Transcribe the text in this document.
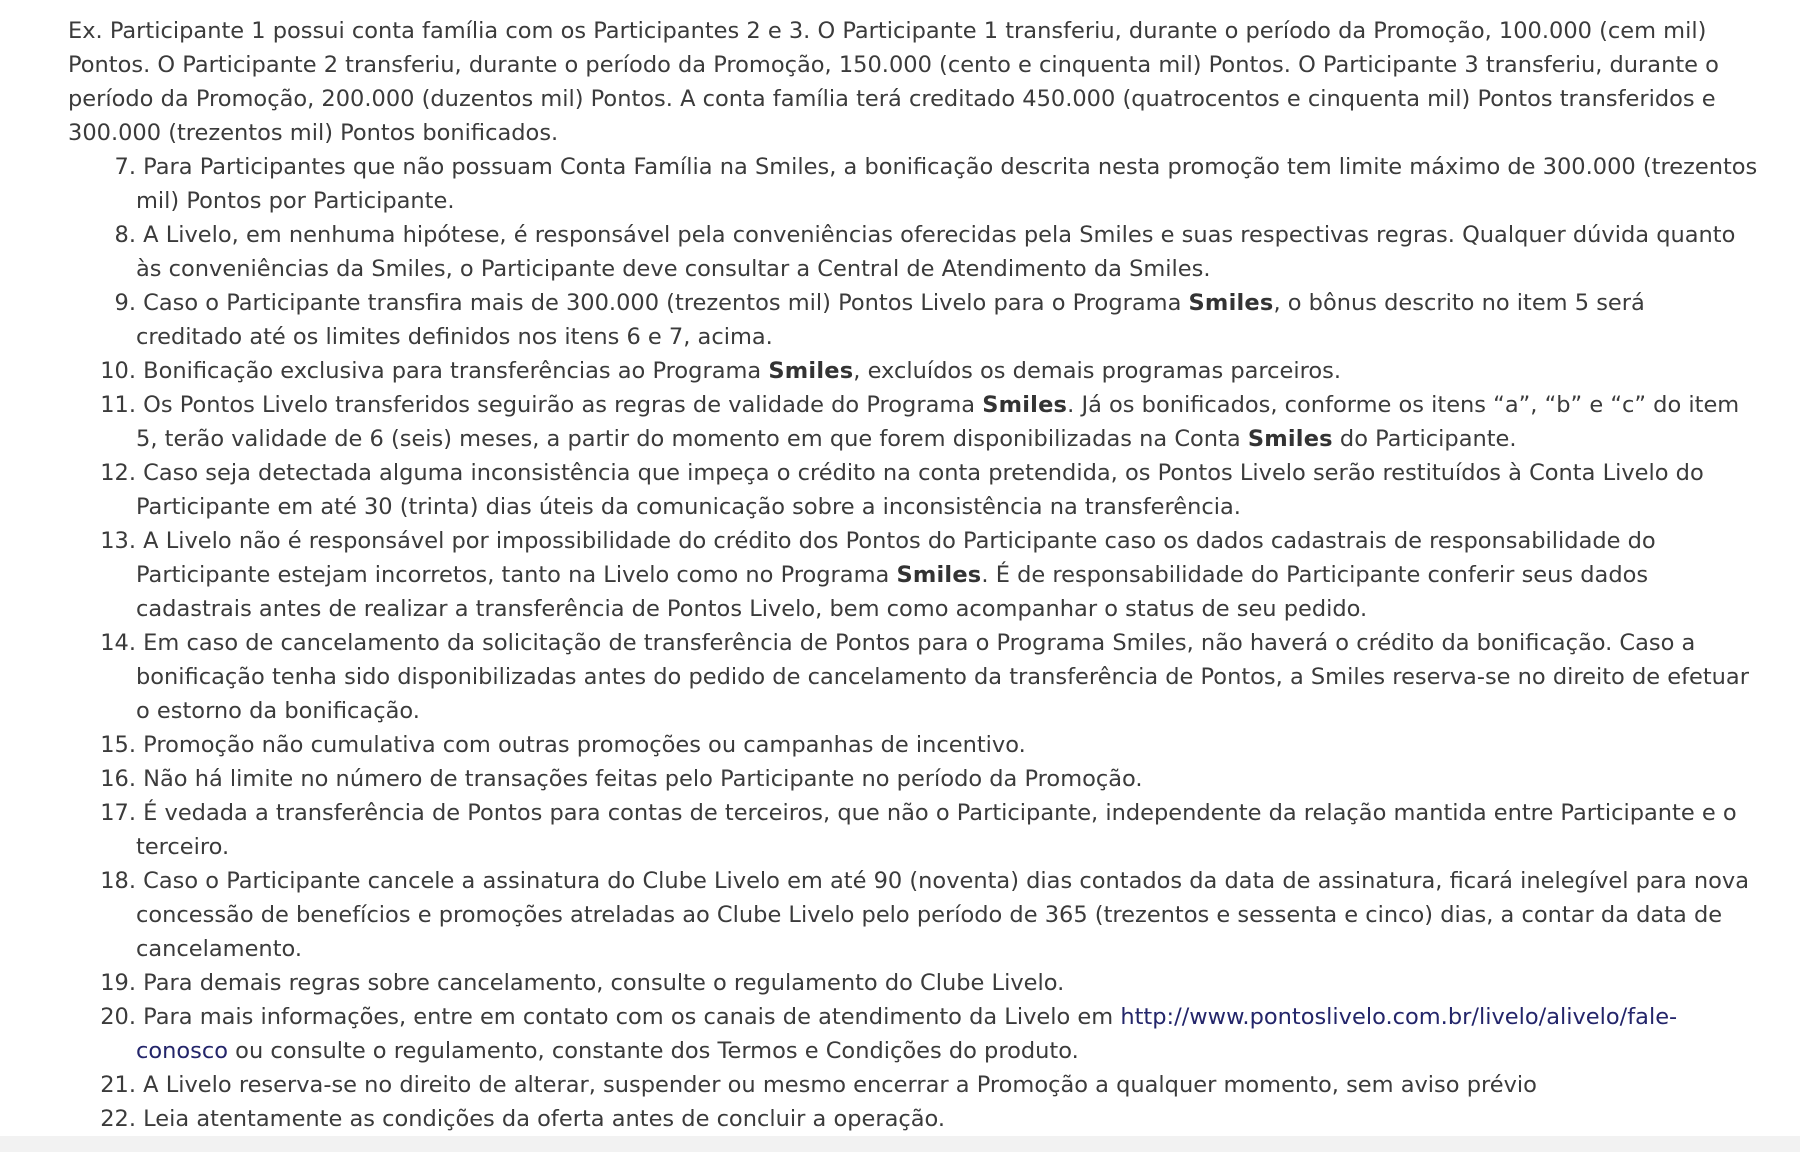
Ex. Participante 1 possui conta família com os Participantes 2 e 3. O Participante 1 transferiu, durante o período da Promoção, 100.000 (cem mil) Pontos. O Participante 2 transferiu, durante o período da Promoção, 150.000 (cento e cinquenta mil) Pontos. O Participante 3 transferiu, durante o período da Promoção, 200.000 (duzentos mil) Pontos. A conta família terá creditado 450.000 (quatrocentos e cinquenta mil) Pontos transferidos e 300.000 (trezentos mil) Pontos bonificados.

7. Para Participantes que não possuam Conta Família na Smiles, a bonificação descrita nesta promoção tem limite máximo de 300.000 (trezentos mil) Pontos por Participante.
8. A Livelo, em nenhuma hipótese, é responsável pela conveniências oferecidas pela Smiles e suas respectivas regras. Qualquer dúvida quanto às conveniências da Smiles, o Participante deve consultar a Central de Atendimento da Smiles.
9. Caso o Participante transfira mais de 300.000 (trezentos mil) Pontos Livelo para o Programa Smiles, o bônus descrito no item 5 será creditado até os limites definidos nos itens 6 e 7, acima.
10. Bonificação exclusiva para transferências ao Programa Smiles, excluídos os demais programas parceiros.
11. Os Pontos Livelo transferidos seguirão as regras de validade do Programa Smiles. Já os bonificados, conforme os itens “a”, “b” e “c” do item 5, terão validade de 6 (seis) meses, a partir do momento em que forem disponibilizadas na Conta Smiles do Participante.
12. Caso seja detectada alguma inconsistência que impeça o crédito na conta pretendida, os Pontos Livelo serão restituídos à Conta Livelo do Participante em até 30 (trinta) dias úteis da comunicação sobre a inconsistência na transferência.
13. A Livelo não é responsável por impossibilidade do crédito dos Pontos do Participante caso os dados cadastrais de responsabilidade do Participante estejam incorretos, tanto na Livelo como no Programa Smiles. É de responsabilidade do Participante conferir seus dados cadastrais antes de realizar a transferência de Pontos Livelo, bem como acompanhar o status de seu pedido.
14. Em caso de cancelamento da solicitação de transferência de Pontos para o Programa Smiles, não haverá o crédito da bonificação. Caso a bonificação tenha sido disponibilizadas antes do pedido de cancelamento da transferência de Pontos, a Smiles reserva-se no direito de efetuar o estorno da bonificação.
15. Promoção não cumulativa com outras promoções ou campanhas de incentivo.
16. Não há limite no número de transações feitas pelo Participante no período da Promoção.
17. É vedada a transferência de Pontos para contas de terceiros, que não o Participante, independente da relação mantida entre Participante e o terceiro.
18. Caso o Participante cancele a assinatura do Clube Livelo em até 90 (noventa) dias contados da data de assinatura, ficará inelegível para nova concessão de benefícios e promoções atreladas ao Clube Livelo pelo período de 365 (trezentos e sessenta e cinco) dias, a contar da data de cancelamento.
19. Para demais regras sobre cancelamento, consulte o regulamento do Clube Livelo.
20. Para mais informações, entre em contato com os canais de atendimento da Livelo em http://www.pontoslivelo.com.br/livelo/alivelo/fale-conosco ou consulte o regulamento, constante dos Termos e Condições do produto.
21. A Livelo reserva-se no direito de alterar, suspender ou mesmo encerrar a Promoção a qualquer momento, sem aviso prévio
22. Leia atentamente as condições da oferta antes de concluir a operação.
